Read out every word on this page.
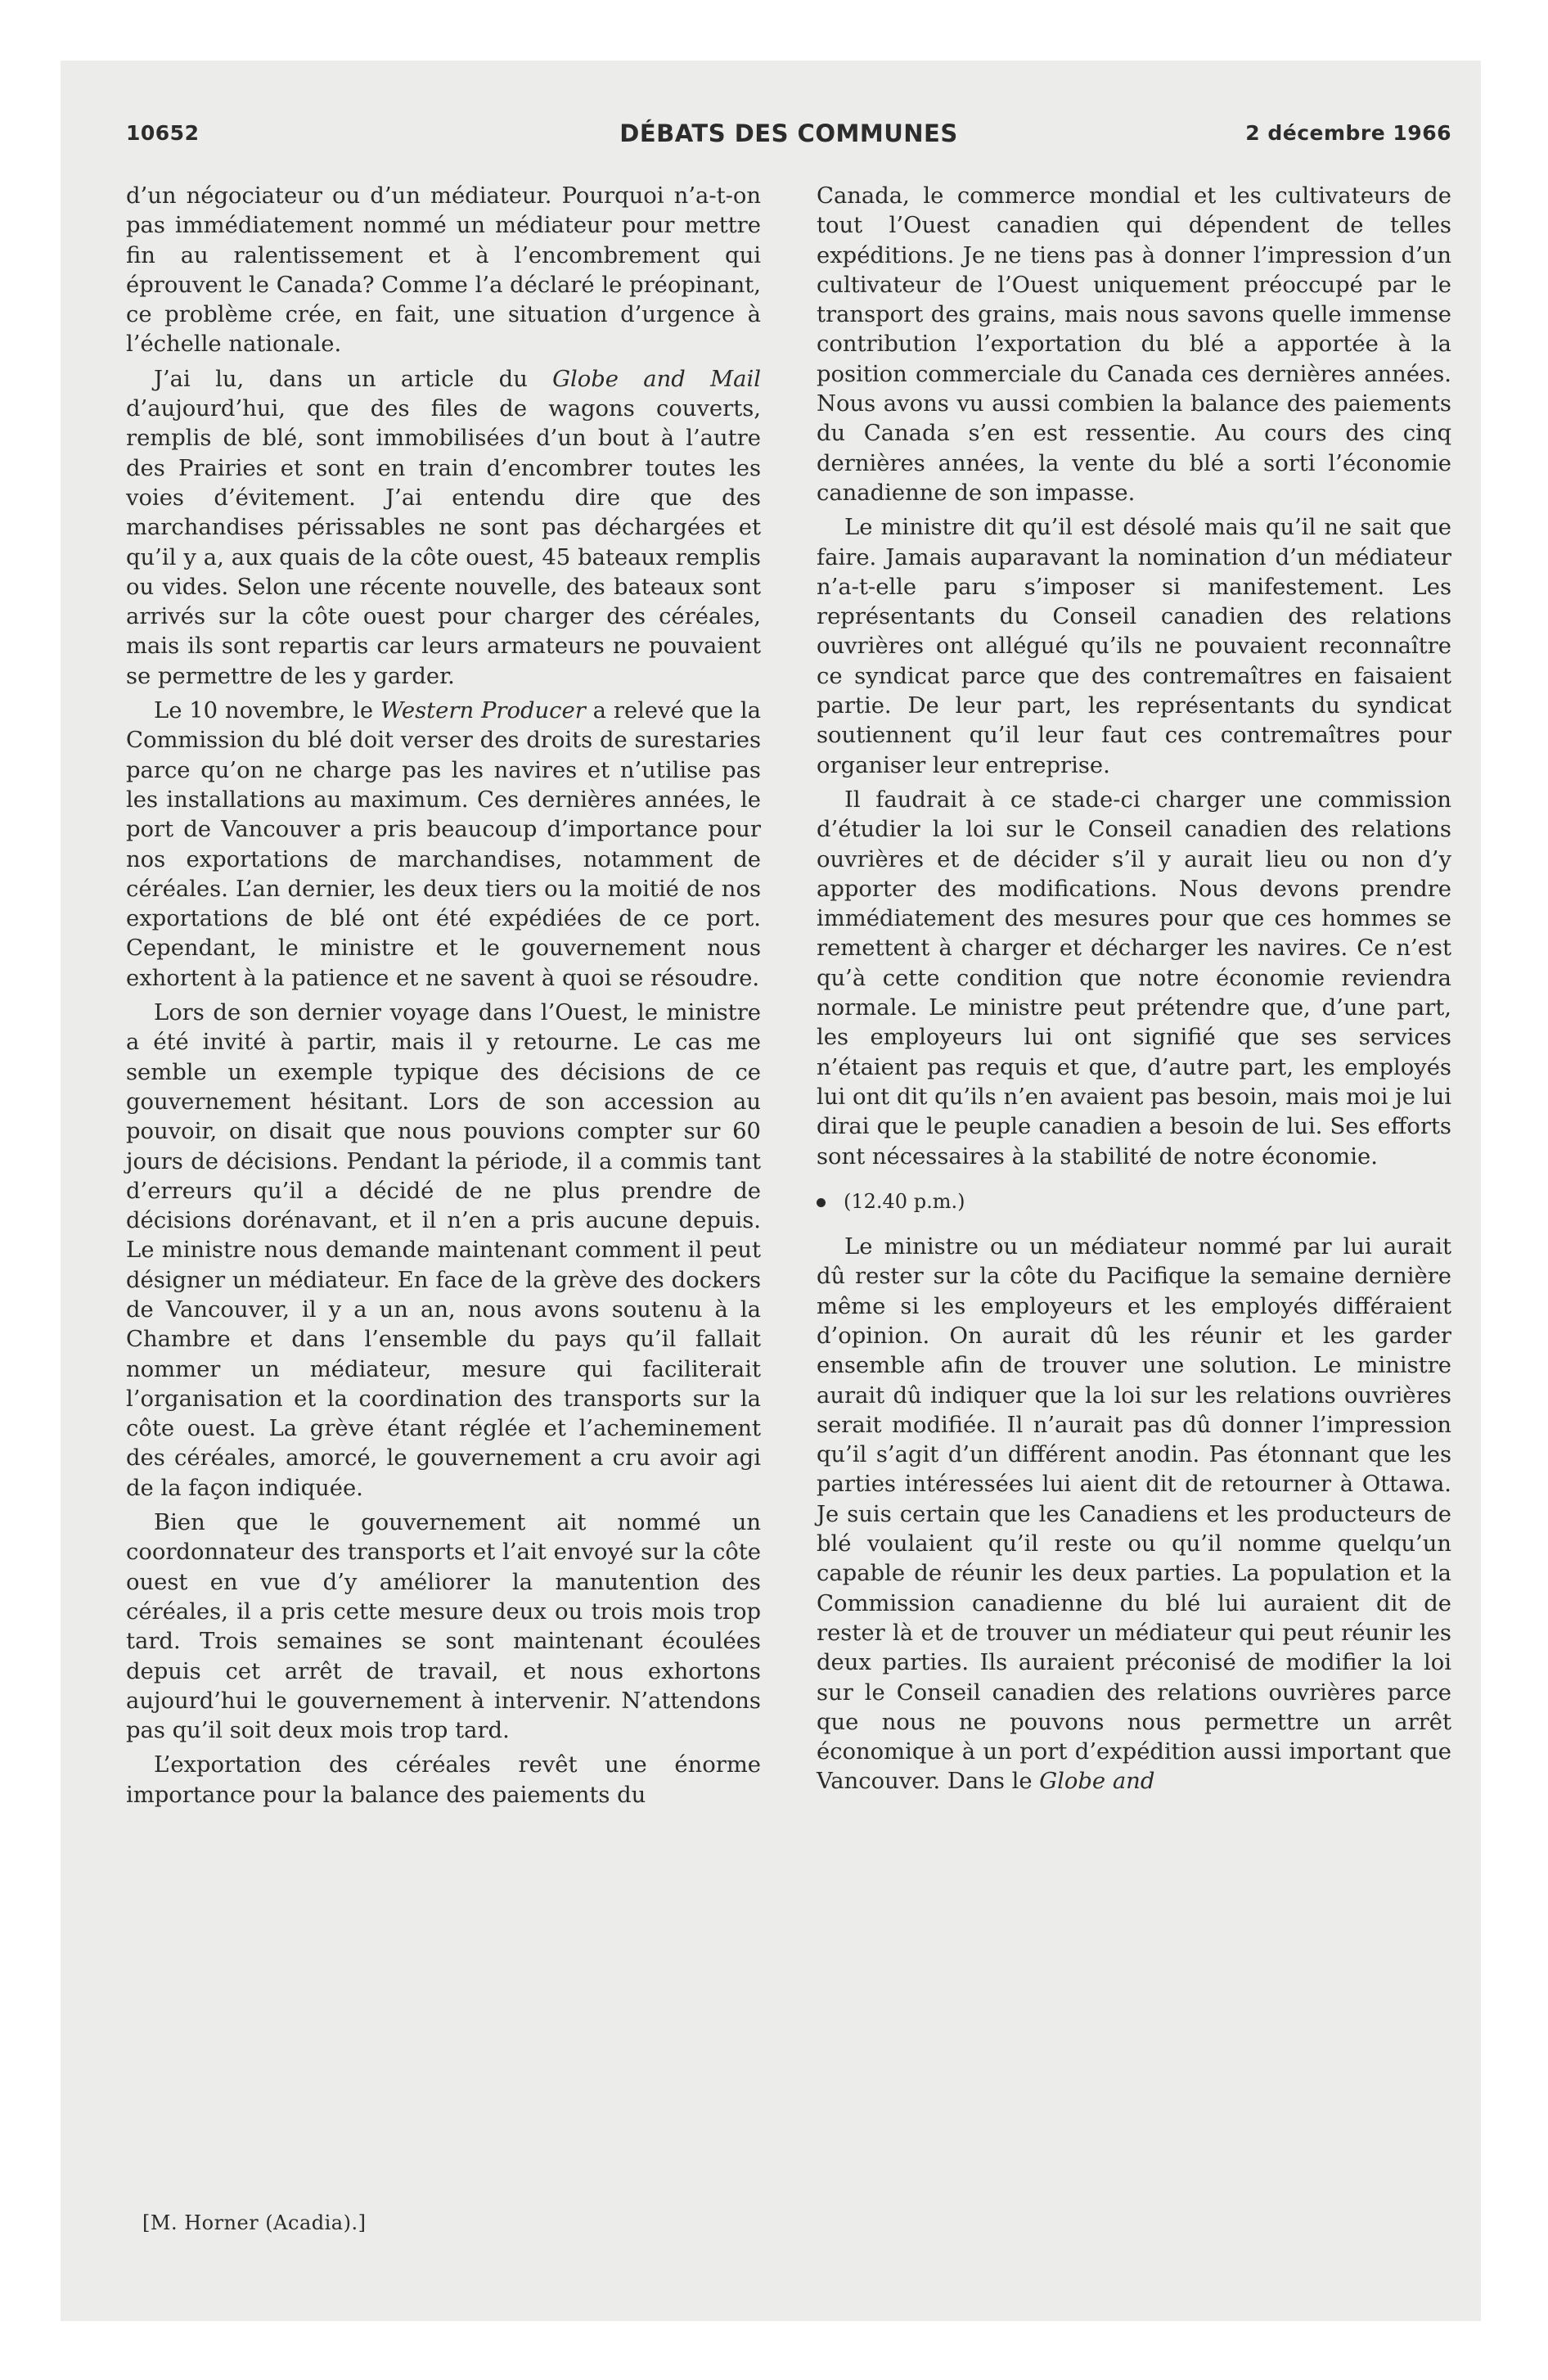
10652	DÉBATS DES COMMUNES	2 décembre 1966

d’un négociateur ou d’un médiateur. Pourquoi n’a-t-on pas immédiatement nommé un médiateur pour mettre fin au ralentissement et à l’encombrement qui éprouvent le Canada? Comme l’a déclaré le préopinant, ce problème crée, en fait, une situation d’urgence à l’échelle nationale.

J’ai lu, dans un article du Globe and Mail d’aujourd’hui, que des files de wagons couverts, remplis de blé, sont immobilisées d’un bout à l’autre des Prairies et sont en train d’encombrer toutes les voies d’évitement. J’ai entendu dire que des marchandises périssables ne sont pas déchargées et qu’il y a, aux quais de la côte ouest, 45 bateaux remplis ou vides. Selon une récente nouvelle, des bateaux sont arrivés sur la côte ouest pour charger des céréales, mais ils sont repartis car leurs armateurs ne pouvaient se permettre de les y garder.

Le 10 novembre, le Western Producer a relevé que la Commission du blé doit verser des droits de surestaries parce qu’on ne charge pas les navires et n’utilise pas les installations au maximum. Ces dernières années, le port de Vancouver a pris beaucoup d’importance pour nos exportations de marchandises, notamment de céréales. L’an dernier, les deux tiers ou la moitié de nos exportations de blé ont été expédiées de ce port. Cependant, le ministre et le gouvernement nous exhortent à la patience et ne savent à quoi se résoudre.

Lors de son dernier voyage dans l’Ouest, le ministre a été invité à partir, mais il y retourne. Le cas me semble un exemple typique des décisions de ce gouvernement hésitant. Lors de son accession au pouvoir, on disait que nous pouvions compter sur 60 jours de décisions. Pendant la période, il a commis tant d’erreurs qu’il a décidé de ne plus prendre de décisions dorénavant, et il n’en a pris aucune depuis. Le ministre nous demande maintenant comment il peut désigner un médiateur. En face de la grève des dockers de Vancouver, il y a un an, nous avons soutenu à la Chambre et dans l’ensemble du pays qu’il fallait nommer un médiateur, mesure qui faciliterait l’organisation et la coordination des transports sur la côte ouest. La grève étant réglée et l’acheminement des céréales, amorcé, le gouvernement a cru avoir agi de la façon indiquée.

Bien que le gouvernement ait nommé un coordonnateur des transports et l’ait envoyé sur la côte ouest en vue d’y améliorer la manutention des céréales, il a pris cette mesure deux ou trois mois trop tard. Trois semaines se sont maintenant écoulées depuis cet arrêt de travail, et nous exhortons aujourd’hui le gouvernement à intervenir. N’attendons pas qu’il soit deux mois trop tard.

L’exportation des céréales revêt une énorme importance pour la balance des paiements du

Canada, le commerce mondial et les cultivateurs de tout l’Ouest canadien qui dépendent de telles expéditions. Je ne tiens pas à donner l’impression d’un cultivateur de l’Ouest uniquement préoccupé par le transport des grains, mais nous savons quelle immense contribution l’exportation du blé a apportée à la position commerciale du Canada ces dernières années. Nous avons vu aussi combien la balance des paiements du Canada s’en est ressentie. Au cours des cinq dernières années, la vente du blé a sorti l’économie canadienne de son impasse.

Le ministre dit qu’il est désolé mais qu’il ne sait que faire. Jamais auparavant la nomination d’un médiateur n’a-t-elle paru s’imposer si manifestement. Les représentants du Conseil canadien des relations ouvrières ont allégué qu’ils ne pouvaient reconnaître ce syndicat parce que des contremaîtres en faisaient partie. De leur part, les représentants du syndicat soutiennent qu’il leur faut ces contremaîtres pour organiser leur entreprise.

Il faudrait à ce stade-ci charger une commission d’étudier la loi sur le Conseil canadien des relations ouvrières et de décider s’il y aurait lieu ou non d’y apporter des modifications. Nous devons prendre immédiatement des mesures pour que ces hommes se remettent à charger et décharger les navires. Ce n’est qu’à cette condition que notre économie reviendra normale. Le ministre peut prétendre que, d’une part, les employeurs lui ont signifié que ses services n’étaient pas requis et que, d’autre part, les employés lui ont dit qu’ils n’en avaient pas besoin, mais moi je lui dirai que le peuple canadien a besoin de lui. Ses efforts sont nécessaires à la stabilité de notre économie.

(12.40 p.m.)

Le ministre ou un médiateur nommé par lui aurait dû rester sur la côte du Pacifique la semaine dernière même si les employeurs et les employés différaient d’opinion. On aurait dû les réunir et les garder ensemble afin de trouver une solution. Le ministre aurait dû indiquer que la loi sur les relations ouvrières serait modifiée. Il n’aurait pas dû donner l’impression qu’il s’agit d’un différent anodin. Pas étonnant que les parties intéressées lui aient dit de retourner à Ottawa. Je suis certain que les Canadiens et les producteurs de blé voulaient qu’il reste ou qu’il nomme quelqu’un capable de réunir les deux parties. La population et la Commission canadienne du blé lui auraient dit de rester là et de trouver un médiateur qui peut réunir les deux parties. Ils auraient préconisé de modifier la loi sur le Conseil canadien des relations ouvrières parce que nous ne pouvons nous permettre un arrêt économique à un port d’expédition aussi important que Vancouver. Dans le Globe and

[M. Horner (Acadia).]
